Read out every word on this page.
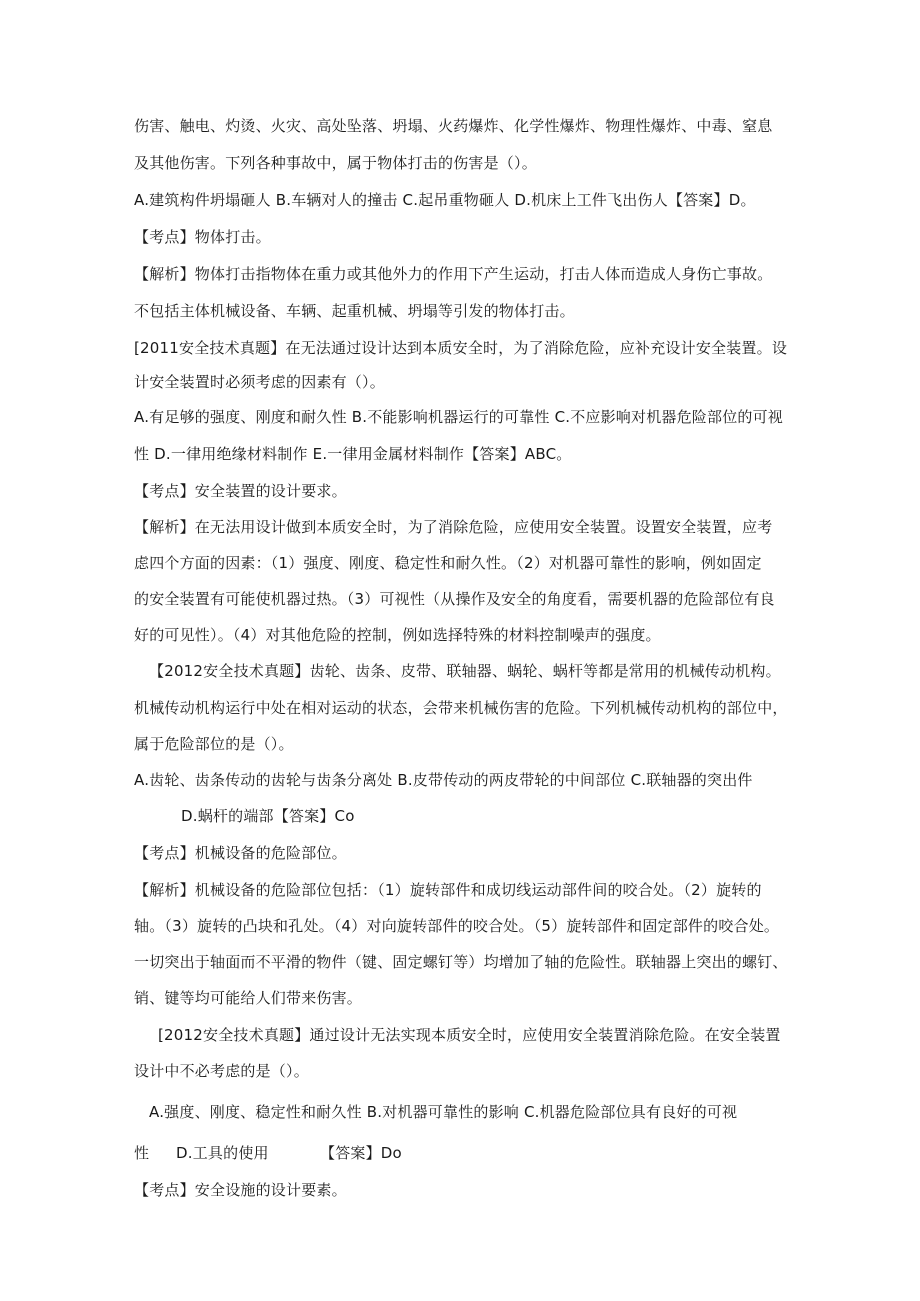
伤害、触电、灼烫、火灾、高处坠落、坍塌、火药爆炸、化学性爆炸、物理性爆炸、中毒、窒息
及其他伤害。下列各种事故中，属于物体打击的伤害是（）。
A.建筑构件坍塌砸人 B.车辆对人的撞击 C.起吊重物砸人 D.机床上工件飞出伤人【答案】D。
【考点】物体打击。
【解析】物体打击指物体在重力或其他外力的作用下产生运动，打击人体而造成人身伤亡事故。
不包括主体机械设备、车辆、起重机械、坍塌等引发的物体打击。
[2011安全技术真题】在无法通过设计达到本质安全时，为了消除危险，应补充设计安全装置。设
计安全装置时必须考虑的因素有（）。
A.有足够的强度、刚度和耐久性 B.不能影响机器运行的可靠性 C.不应影响对机器危险部位的可视
性 D.一律用绝缘材料制作 E.一律用金属材料制作【答案】ABC。
【考点】安全装置的设计要求。
【解析】在无法用设计做到本质安全时，为了消除危险，应使用安全装置。设置安全装置，应考
虑四个方面的因素：（1）强度、刚度、稳定性和耐久性。（2）对机器可靠性的影响，例如固定
的安全装置有可能使机器过热。（3）可视性（从操作及安全的角度看，需要机器的危险部位有良
好的可见性）。（4）对其他危险的控制，例如选择特殊的材料控制噪声的强度。
【2012安全技术真题】齿轮、齿条、皮带、联轴器、蜗轮、蜗杆等都是常用的机械传动机构。
机械传动机构运行中处在相对运动的状态，会带来机械伤害的危险。下列机械传动机构的部位中，
属于危险部位的是（）。
A.齿轮、齿条传动的齿轮与齿条分离处 B.皮带传动的两皮带轮的中间部位 C.联轴器的突出件
D.蜗杆的端部【答案】Co
【考点】机械设备的危险部位。
【解析】机械设备的危险部位包括：（1）旋转部件和成切线运动部件间的咬合处。（2）旋转的
轴。（3）旋转的凸块和孔处。（4）对向旋转部件的咬合处。（5）旋转部件和固定部件的咬合处。
一切突出于轴面而不平滑的物件（键、固定螺钉等）均增加了轴的危险性。联轴器上突出的螺钉、
销、键等均可能给人们带来伤害。
[2012安全技术真题】通过设计无法实现本质安全时，应使用安全装置消除危险。在安全装置
设计中不必考虑的是（）。
A.强度、刚度、稳定性和耐久性 B.对机器可靠性的影响 C.机器危险部位具有良好的可视
性 D.工具的使用	【答案】Do
【考点】安全设施的设计要素。
